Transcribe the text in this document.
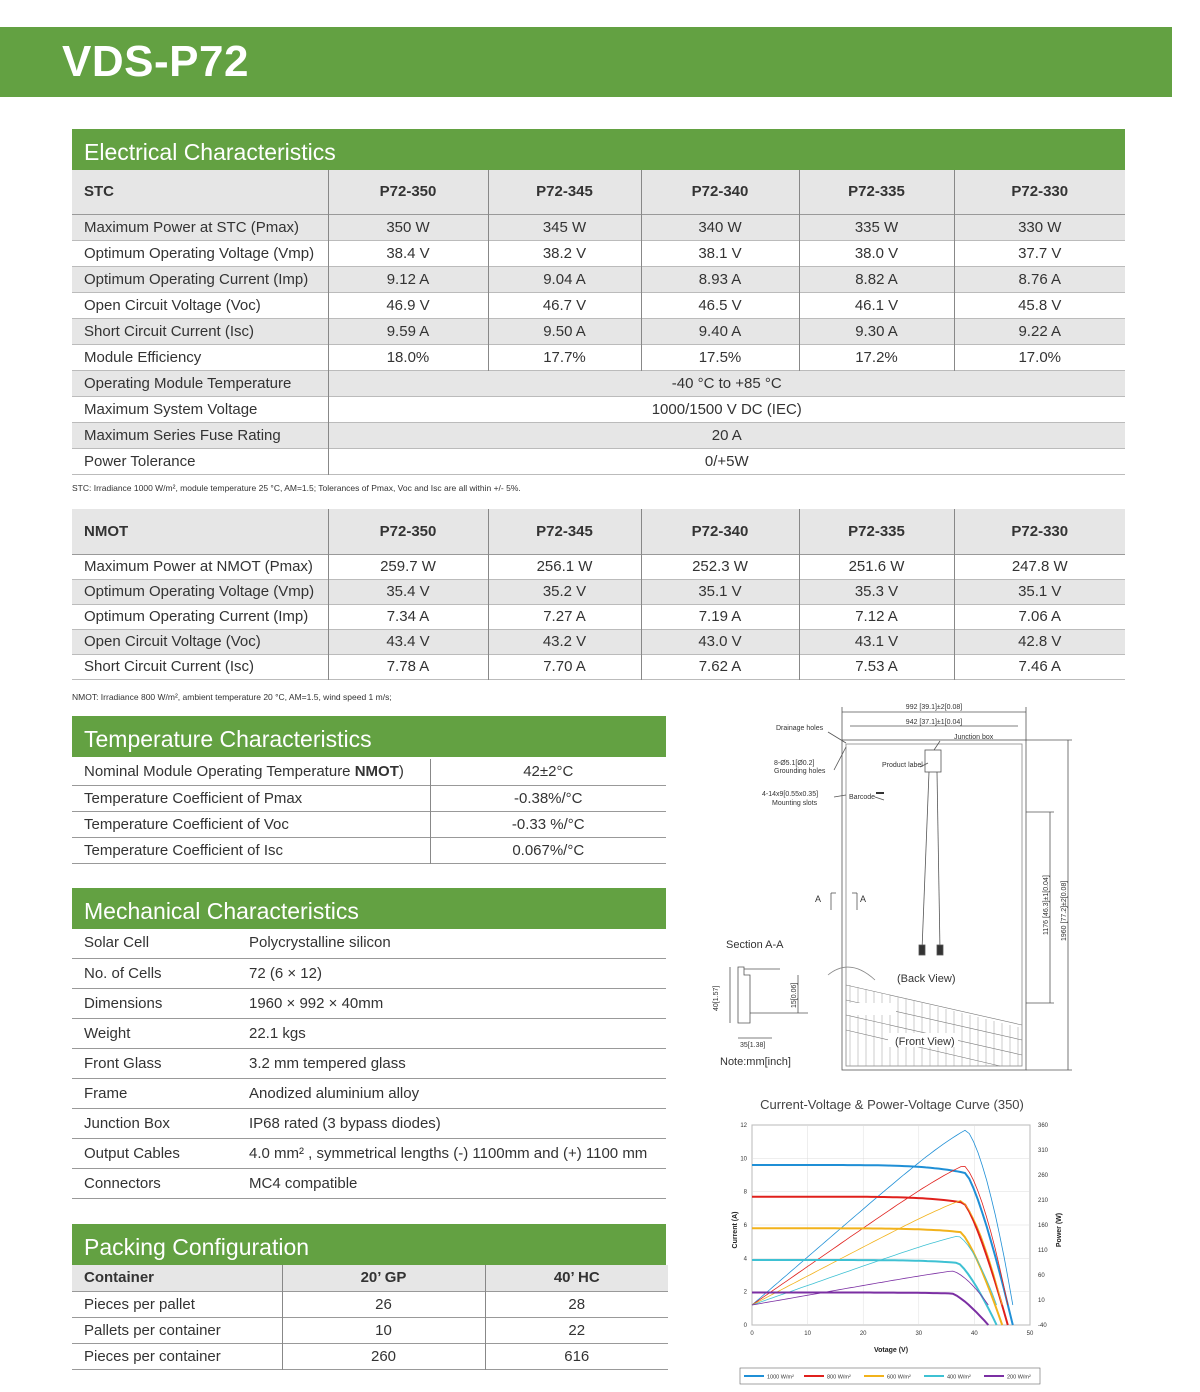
VDS-P72
Electrical Characteristics
STC	P72-350	P72-345	P72-340	P72-335	P72-330
Maximum Power at STC (Pmax)	350 W	345 W	340 W	335 W	330 W
Optimum Operating Voltage (Vmp)	38.4 V	38.2 V	38.1 V	38.0 V	37.7 V
Optimum Operating Current (Imp)	9.12 A	9.04 A	8.93 A	8.82 A	8.76 A
Open Circuit Voltage (Voc)	46.9 V	46.7 V	46.5 V	46.1 V	45.8 V
Short Circuit Current (Isc)	9.59 A	9.50 A	9.40 A	9.30 A	9.22 A
Module Efficiency	18.0%	17.7%	17.5%	17.2%	17.0%
Operating Module Temperature	-40 °C to +85 °C				
Maximum System Voltage	1000/1500 V DC (IEC)				
Maximum Series Fuse Rating	20 A				
Power Tolerance	0/+5W				
STC: Irradiance 1000 W/m², module temperature 25 °C, AM=1.5; Tolerances of Pmax, Voc and Isc are all within +/- 5%.
NMOT	P72-350	P72-345	P72-340	P72-335	P72-330
Maximum Power at NMOT (Pmax)	259.7 W	256.1 W	252.3 W	251.6 W	247.8 W
Optimum Operating Voltage (Vmp)	35.4 V	35.2 V	35.1 V	35.3 V	35.1 V
Optimum Operating Current (Imp)	7.34 A	7.27 A	7.19 A	7.12 A	7.06 A
Open Circuit Voltage (Voc)	43.4 V	43.2 V	43.0 V	43.1 V	42.8 V
Short Circuit Current (Isc)	7.78 A	7.70 A	7.62 A	7.53 A	7.46 A
NMOT: Irradiance 800 W/m², ambient temperature 20 °C, AM=1.5, wind speed 1 m/s;
Temperature Characteristics
Nominal Module Operating Temperature NMOT)	42±2°C
Temperature Coefficient of Pmax	-0.38%/°C
Temperature Coefficient of Voc	-0.33 %/°C
Temperature Coefficient of Isc	0.067%/°C
Mechanical Characteristics
Solar Cell	Polycrystalline silicon
No. of Cells	72 (6 × 12)
Dimensions	1960 × 992 × 40mm
Weight	22.1 kgs
Front Glass	3.2 mm tempered glass
Frame	Anodized aluminium alloy
Junction Box	IP68 rated (3 bypass diodes)
Output Cables	4.0 mm² , symmetrical lengths (-) 1100mm and (+) 1100 mm
Connectors	MC4 compatible
Packing Configuration
Container	20’ GP	40’ HC
Pieces per pallet	26	28
Pallets per container	10	22
Pieces per container	260	616
992 [39.1]±2[0.08]
942 [37.1]±1[0.04]
Drainage holes
Junction box
8-Ø5.1[Ø0.2]
Grounding holes
Product label
4-14x9[0.55x0.35]
Mounting slots
Barcode
A	A	1176 [46.3]±1[0.04] 1960 [77.2]±2[0.08]
Section A-A
40[1.57]	15[0.06]
35[1.38]
(Back View)
(Front View)
Note:mm[inch]
Current-Voltage & Power-Voltage Curve (350)
Current (A)	Power (W)
Votage (V)
0	10	20	30	40	50
0
2
4
6
8
10
12
-40
10
60
110
160
210
260
310
360
1000 W/m²	800 W/m²	600 W/m²	400 W/m²	200 W/m²
